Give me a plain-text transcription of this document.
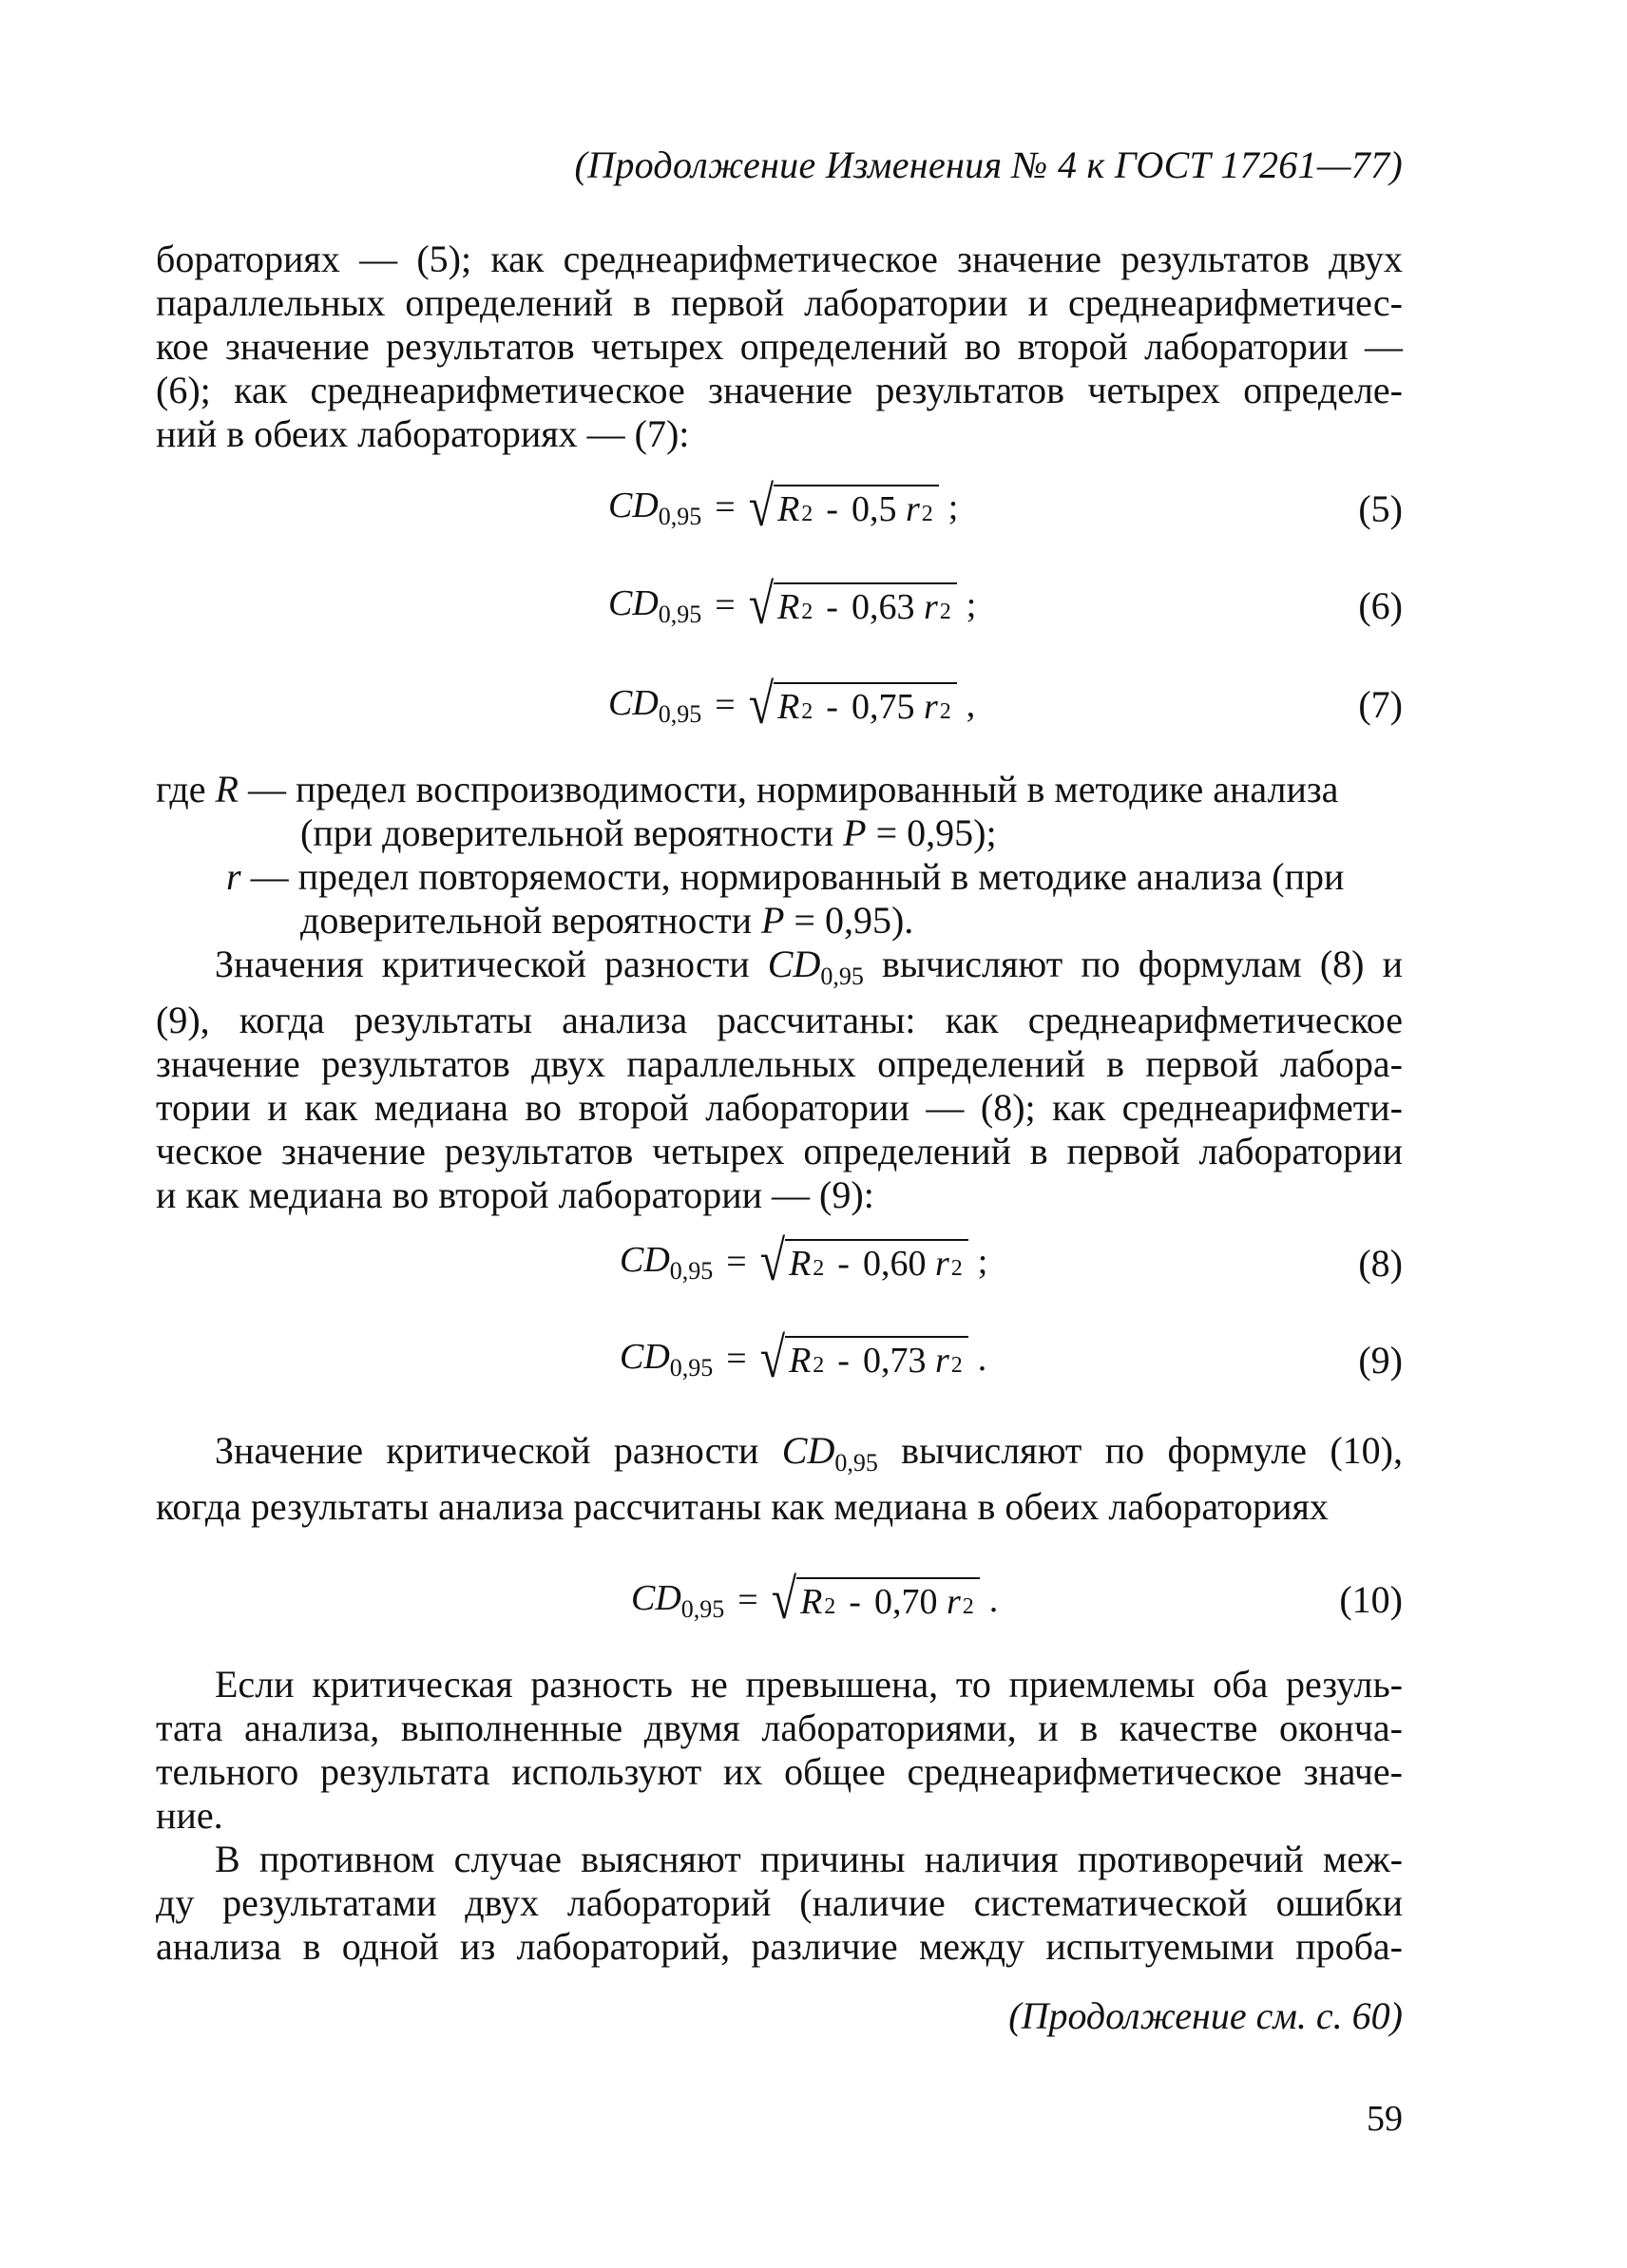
(Продолжение Изменения № 4 к ГОСТ 17261—77)
бораториях — (5); как среднеарифметическое значение результатов двух
параллельных определений в первой лаборатории и среднеарифметичес-
кое значение результатов четырех определений во второй лаборатории —
(6); как среднеарифметическое значение результатов четырех определе-
ний в обеих лабораториях — (7):
$CD_{0,95}$ = √ R 2 - 0,5
r 2 ;	(5)
$CD_{0,95}$ = √ R 2 - 0,63
r 2 ;	(6)
$CD_{0,95}$ = √ R 2 - 0,75
r 2 ,	(7)
где R — предел воспроизводимости, нормированный в методике анализа
(при доверительной вероятности P = 0,95);
r — предел повторяемости, нормированный в методике анализа (при
доверительной вероятности P = 0,95).
Значения критической разности $CD_{0,95}$ вычисляют по формулам (8) и
(9), когда результаты анализа рассчитаны: как среднеарифметическое
значение результатов двух параллельных определений в первой лабора-
тории и как медиана во второй лаборатории — (8); как среднеарифмети-
ческое значение результатов четырех определений в первой лаборатории
и как медиана во второй лаборатории — (9):
$CD_{0,95}$ = √ R 2 - 0,60
r 2 ;	(8)
$CD_{0,95}$ = √ R 2 - 0,73
r 2 .	(9)
Значение критической разности $CD_{0,95}$ вычисляют по формуле (10),
когда результаты анализа рассчитаны как медиана в обеих лабораториях
$CD_{0,95}$ = √ R 2 - 0,70
r 2 .	(10)
Если критическая разность не превышена, то приемлемы оба резуль-
тата анализа, выполненные двумя лабораториями, и в качестве оконча-
тельного результата используют их общее среднеарифметическое значе-
ние.
В противном случае выясняют причины наличия противоречий меж-
ду результатами двух лабораторий (наличие систематической ошибки
анализа в одной из лабораторий, различие между испытуемыми проба-
(Продолжение см. с. 60)
59
